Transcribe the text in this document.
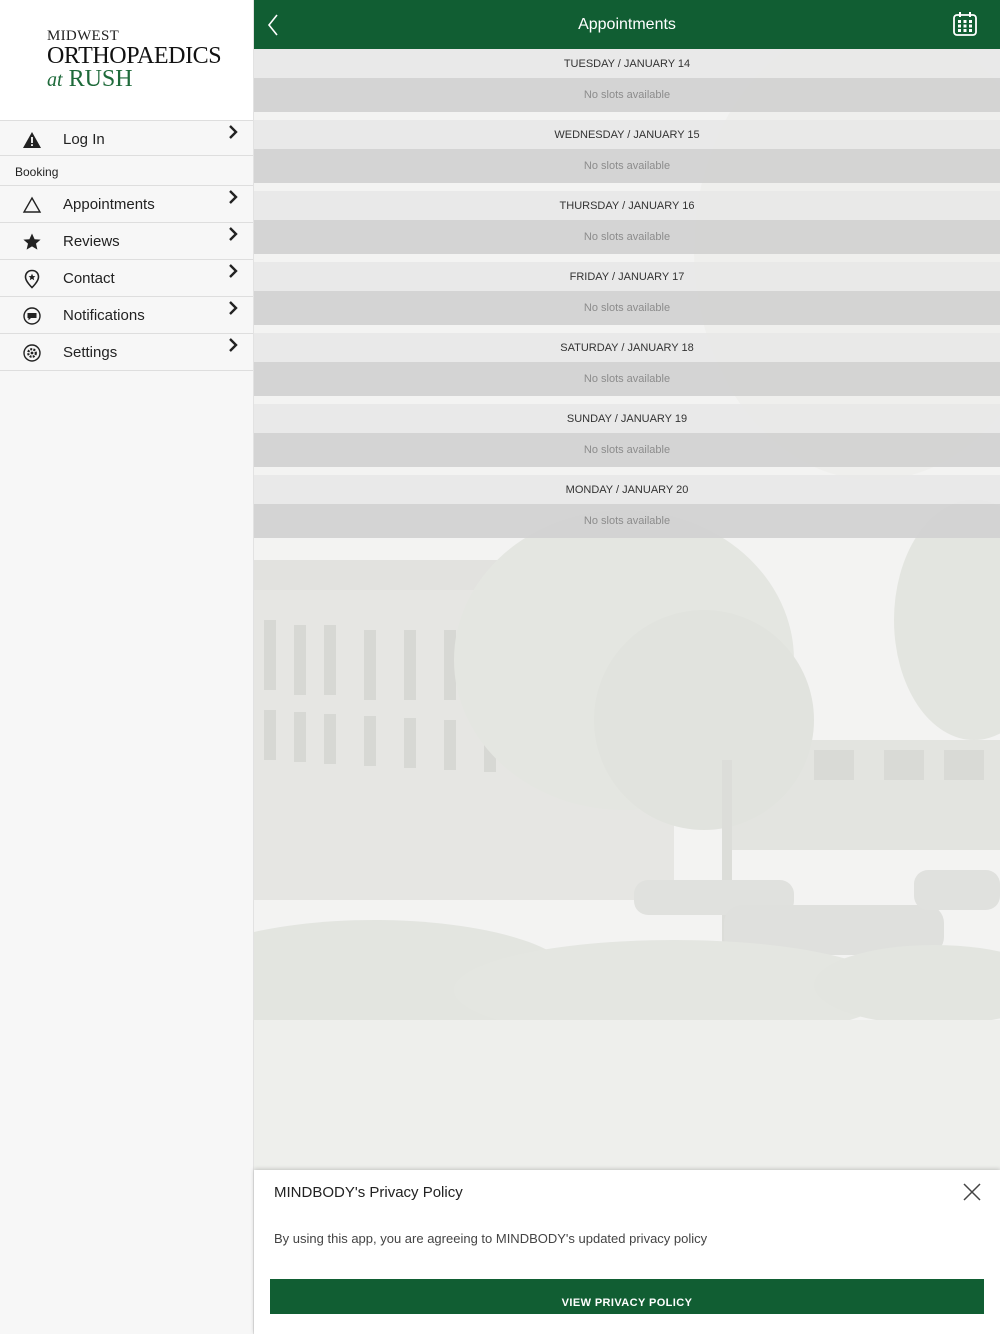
MIDWEST
ORTHOPAEDICS
at RUSH
Log In
Booking
Appointments
Reviews
Contact
Notifications
Settings
Appointments
TUESDAY / JANUARY 14
No slots available
WEDNESDAY / JANUARY 15
No slots available
THURSDAY / JANUARY 16
No slots available
FRIDAY / JANUARY 17
No slots available
SATURDAY / JANUARY 18
No slots available
SUNDAY / JANUARY 19
No slots available
MONDAY / JANUARY 20
No slots available
MINDBODY's Privacy Policy
By using this app, you are agreeing to MINDBODY's updated privacy policy
VIEW PRIVACY POLICY
